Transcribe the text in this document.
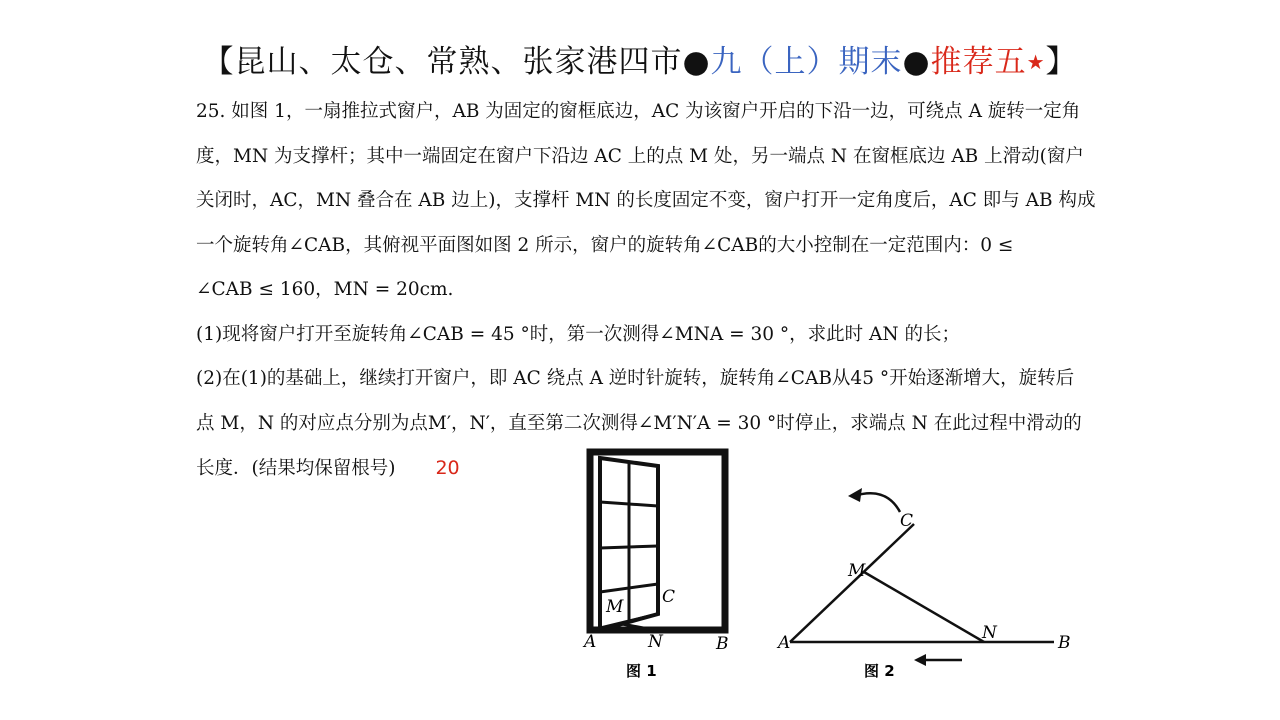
【昆山、太仓、常熟、张家港四市●九（上）期末●推荐五★】
25. 如图 1，一扇推拉式窗户，AB 为固定的窗框底边，AC 为该窗户开启的下沿一边，可绕点 A 旋转一定角
度，MN 为支撑杆；其中一端固定在窗户下沿边 AC 上的点 M 处，另一端点 N 在窗框底边 AB 上滑动(窗户
关闭时，AC，MN 叠合在 AB 边上)，支撑杆 MN 的长度固定不变，窗户打开一定角度后，AC 即与 AB 构成
一个旋转角∠CAB，其俯视平面图如图 2 所示，窗户的旋转角∠CAB的大小控制在一定范围内：0 ≤
∠CAB ≤ 160，MN = 20cm.
(1)现将窗户打开至旋转角∠CAB = 45 °时，第一次测得∠MNA = 30 °，求此时 AN 的长；
(2)在(1)的基础上，继续打开窗户，即 AC 绕点 A 逆时针旋转，旋转角∠CAB从45 °开始逐渐增大，旋转后
点 M，N 的对应点分别为点M′，N′，直至第二次测得∠M′N′A = 30 °时停止，求端点 N 在此过程中滑动的
长度．(结果均保留根号) 20
A	N	B
M C
图 1
A
M
N	B
C
图 2
